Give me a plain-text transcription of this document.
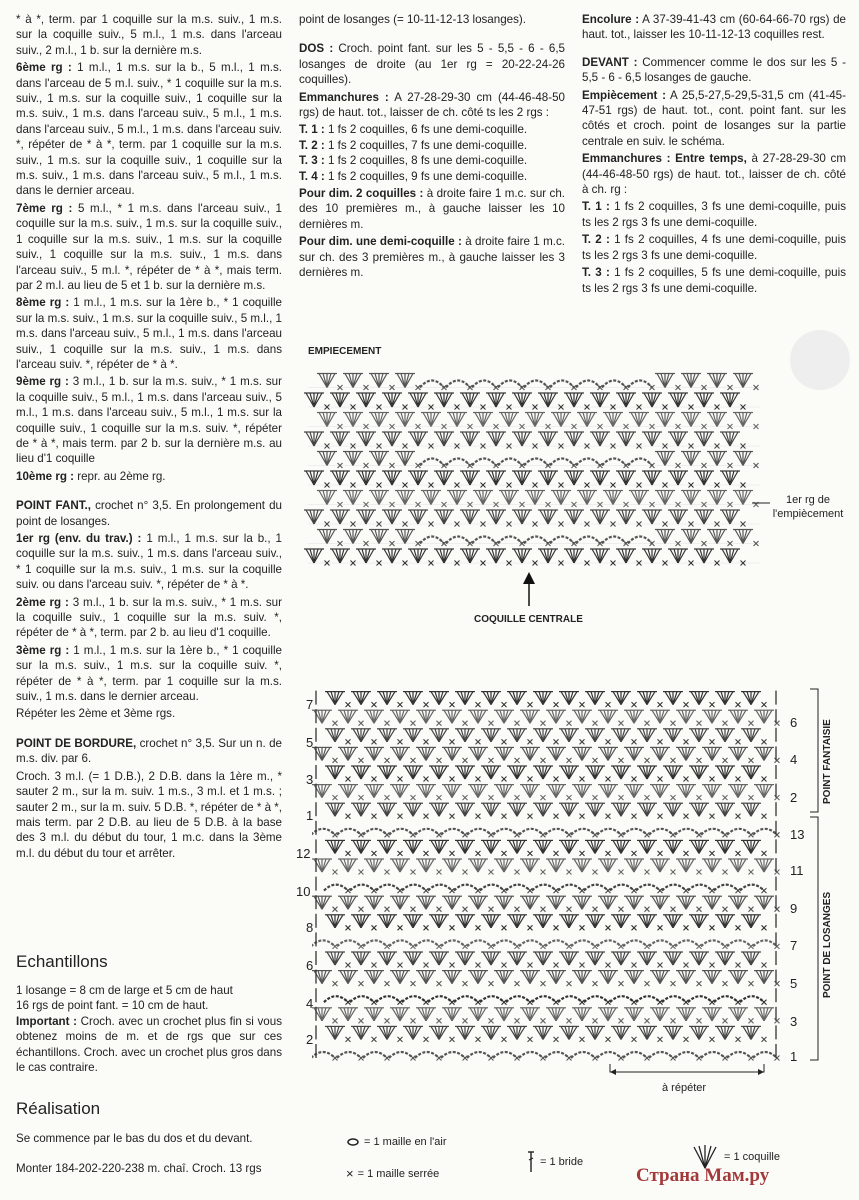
* à *, term. par 1 coquille sur la m.s. suiv., 1 m.s. sur la coquille suiv., 5 m.l., 1 m.s. dans l'arceau suiv., 2 m.l., 1 b. sur la dernière m.s.

6ème rg : 1 m.l., 1 m.s. sur la b., 5 m.l., 1 m.s. dans l'arceau de 5 m.l. suiv., * 1 coquille sur la m.s. suiv., 1 m.s. sur la coquille suiv., 1 coquille sur la m.s. suiv., 1 m.s. dans l'arceau suiv., 5 m.l., 1 m.s. dans l'arceau suiv., 5 m.l., 1 m.s. dans l'arceau suiv. *, répéter de * à *, term. par 1 coquille sur la m.s. suiv., 1 m.s. sur la coquille suiv., 1 coquille sur la m.s. suiv., 1 m.s. dans l'arceau suiv., 5 m.l., 1 m.s. dans le dernier arceau.

7ème rg : 5 m.l., * 1 m.s. dans l'arceau suiv., 1 coquille sur la m.s. suiv., 1 m.s. sur la coquille suiv., 1 coquille sur la m.s. suiv., 1 m.s. sur la coquille suiv., 1 coquille sur la m.s. suiv., 1 m.s. dans l'arceau suiv., 5 m.l. *, répéter de * à *, mais term. par 2 m.l. au lieu de 5 et 1 b. sur la dernière m.s.

8ème rg : 1 m.l., 1 m.s. sur la 1ère b., * 1 coquille sur la m.s. suiv., 1 m.s. sur la coquille suiv., 5 m.l., 1 m.s. dans l'arceau suiv., 5 m.l., 1 m.s. dans l'arceau suiv., 1 coquille sur la m.s. suiv., 1 m.s. dans l'arceau suiv. *, répéter de * à *.

9ème rg : 3 m.l., 1 b. sur la m.s. suiv., * 1 m.s. sur la coquille suiv., 5 m.l., 1 m.s. dans l'arceau suiv., 5 m.l., 1 m.s. dans l'arceau suiv., 5 m.l., 1 m.s. sur la coquille suiv., 1 coquille sur la m.s. suiv. *, répéter de * à *, mais term. par 2 b. sur la dernière m.s. au lieu d'1 coquille

10ème rg : repr. au 2ème rg.

POINT FANT., crochet n° 3,5. En prolongement du point de losanges.

1er rg (env. du trav.) : 1 m.l., 1 m.s. sur la b., 1 coquille sur la m.s. suiv., 1 m.s. dans l'arceau suiv., * 1 coquille sur la m.s. suiv., 1 m.s. sur la coquille suiv. ou dans l'arceau suiv. *, répéter de * à *.

2ème rg : 3 m.l., 1 b. sur la m.s. suiv., * 1 m.s. sur la coquille suiv., 1 coquille sur la m.s. suiv. *, répéter de * à *, term. par 2 b. au lieu d'1 coquille.

3ème rg : 1 m.l., 1 m.s. sur la 1ère b., * 1 coquille sur la m.s. suiv., 1 m.s. sur la coquille suiv. *, répéter de * à *, term. par 1 coquille sur la m.s. suiv., 1 m.s. dans le dernier arceau.

Répéter les 2ème et 3ème rgs.

POINT DE BORDURE, crochet n° 3,5. Sur un n. de m.s. div. par 6.

Croch. 3 m.l. (= 1 D.B.), 2 D.B. dans la 1ère m., * sauter 2 m., sur la m. suiv. 1 m.s., 3 m.l. et 1 m.s. ; sauter 2 m., sur la m. suiv. 5 D.B. *, répéter de * à *, mais term. par 2 D.B. au lieu de 5 D.B. à la base des 3 m.l. du début du tour, 1 m.c. dans la 3ème m.l. du début du tour et arrêter.

Echantillons
1 losange = 8 cm de large et 5 cm de haut
16 rgs de point fant. = 10 cm de haut.
Important : Croch. avec un crochet plus fin si vous obtenez moins de m. et de rgs que sur ces échantillons. Croch. avec un crochet plus gros dans le cas contraire.
Réalisation
Se commence par le bas du dos et du devant.
Monter 184-202-220-238 m. chaî. Croch. 13 rgs

point de losanges (= 10-11-12-13 losanges).

DOS : Croch. point fant. sur les 5 - 5,5 - 6 - 6,5 losanges de droite (au 1er rg = 20-22-24-26 coquilles).

Emmanchures : A 27-28-29-30 cm (44-46-48-50 rgs) de haut. tot., laisser de ch. côté ts les 2 rgs :

T. 1 : 1 fs 2 coquilles, 6 fs une demi-coquille.
T. 2 : 1 fs 2 coquilles, 7 fs une demi-coquille.
T. 3 : 1 fs 2 coquilles, 8 fs une demi-coquille.
T. 4 : 1 fs 2 coquilles, 9 fs une demi-coquille.

Pour dim. 2 coquilles : à droite faire 1 m.c. sur ch. des 10 premières m., à gauche laisser les 10 dernières m.

Pour dim. une demi-coquille : à droite faire 1 m.c. sur ch. des 3 premières m., à gauche laisser les 3 dernières m.

Encolure : A 37-39-41-43 cm (60-64-66-70 rgs) de haut. tot., laisser les 10-11-12-13 coquilles rest.

DEVANT : Commencer comme le dos sur les 5 - 5,5 - 6 - 6,5 losanges de gauche.

Empiècement : A 25,5-27,5-29,5-31,5 cm (41-45-47-51 rgs) de haut. tot., cont. point fant. sur les côtés et croch. point de losanges sur la partie centrale en suiv. le schéma.

Emmanchures : Entre temps, à 27-28-29-30 cm (44-46-48-50 rgs) de haut. tot., laisser de ch. côté à ch. rg :

T. 1 : 1 fs 2 coquilles, 3 fs une demi-coquille, puis ts les 2 rgs 3 fs une demi-coquille.

T. 2 : 1 fs 2 coquilles, 4 fs une demi-coquille, puis ts les 2 rgs 3 fs une demi-coquille.

T. 3 : 1 fs 2 coquilles, 5 fs une demi-coquille, puis ts les 2 rgs 3 fs une demi-coquille.

EMPIECEMENT
1er rg de l'empiècement
COQUILLE CENTRALE
7
5
3
1
12
10
8
6
4
2
6
4
2
13
11
9
7
5
3
1
POINT FANTAISIE
POINT DE LOSANGES
à répéter
= 1 maille en l'air
× = 1 maille serrée
= 1 bride	= 1 coquille
Страна Мам.ру
